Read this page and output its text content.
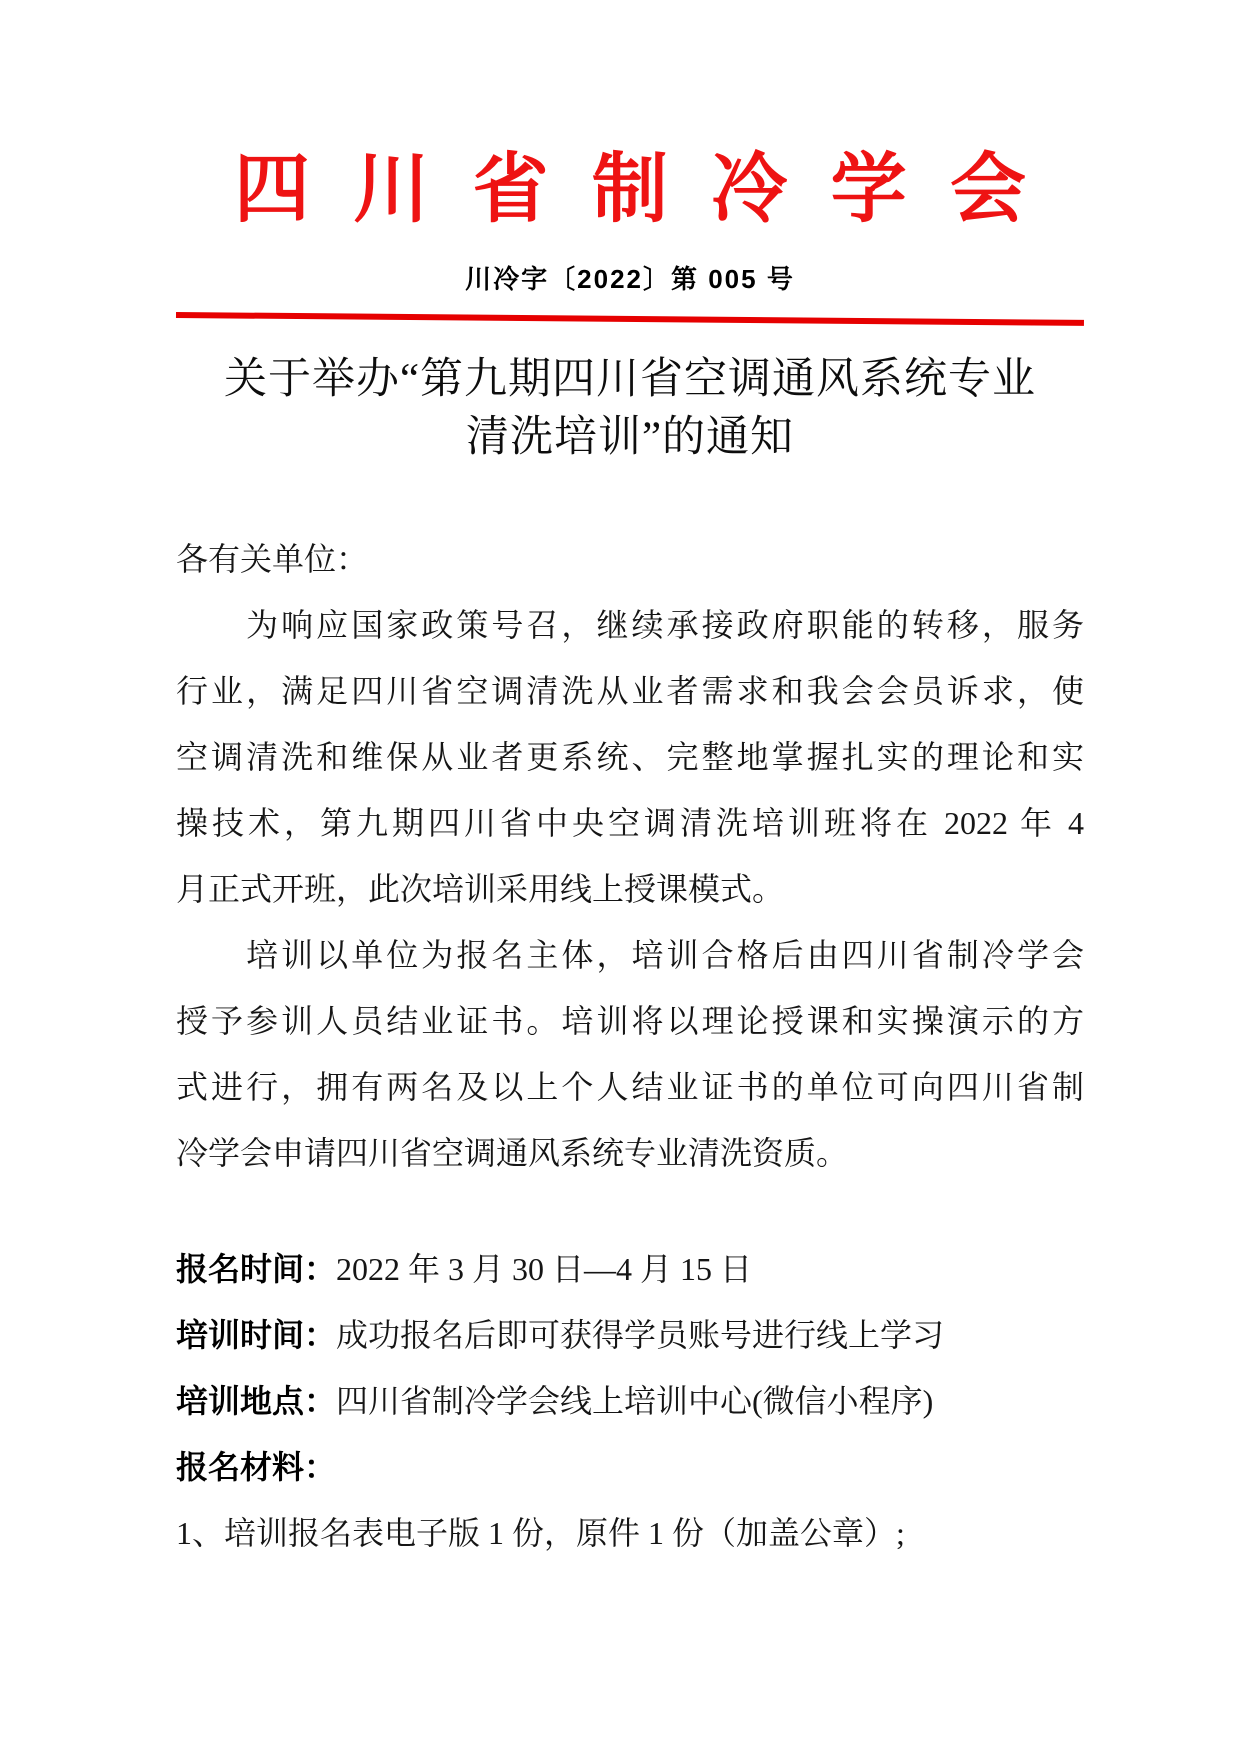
四川省制冷学会
川冷字〔2022〕第 005 号
关于举办“第九期四川省空调通风系统专业
清洗培训”的通知
各有关单位：
　　为响应国家政策号召，继续承接政府职能的转移，服务
行业，满足四川省空调清洗从业者需求和我会会员诉求，使
空调清洗和维保从业者更系统、完整地掌握扎实的理论和实
操技术，第九期四川省中央空调清洗培训班将在 2022 年 4
月正式开班，此次培训采用线上授课模式。
　　培训以单位为报名主体，培训合格后由四川省制冷学会
授予参训人员结业证书。培训将以理论授课和实操演示的方
式进行，拥有两名及以上个人结业证书的单位可向四川省制
冷学会申请四川省空调通风系统专业清洗资质。
报名时间：2022 年 3 月 30 日—4 月 15 日
培训时间：成功报名后即可获得学员账号进行线上学习
培训地点：四川省制冷学会线上培训中心(微信小程序)
报名材料：
1、培训报名表电子版 1 份，原件 1 份（加盖公章）;
